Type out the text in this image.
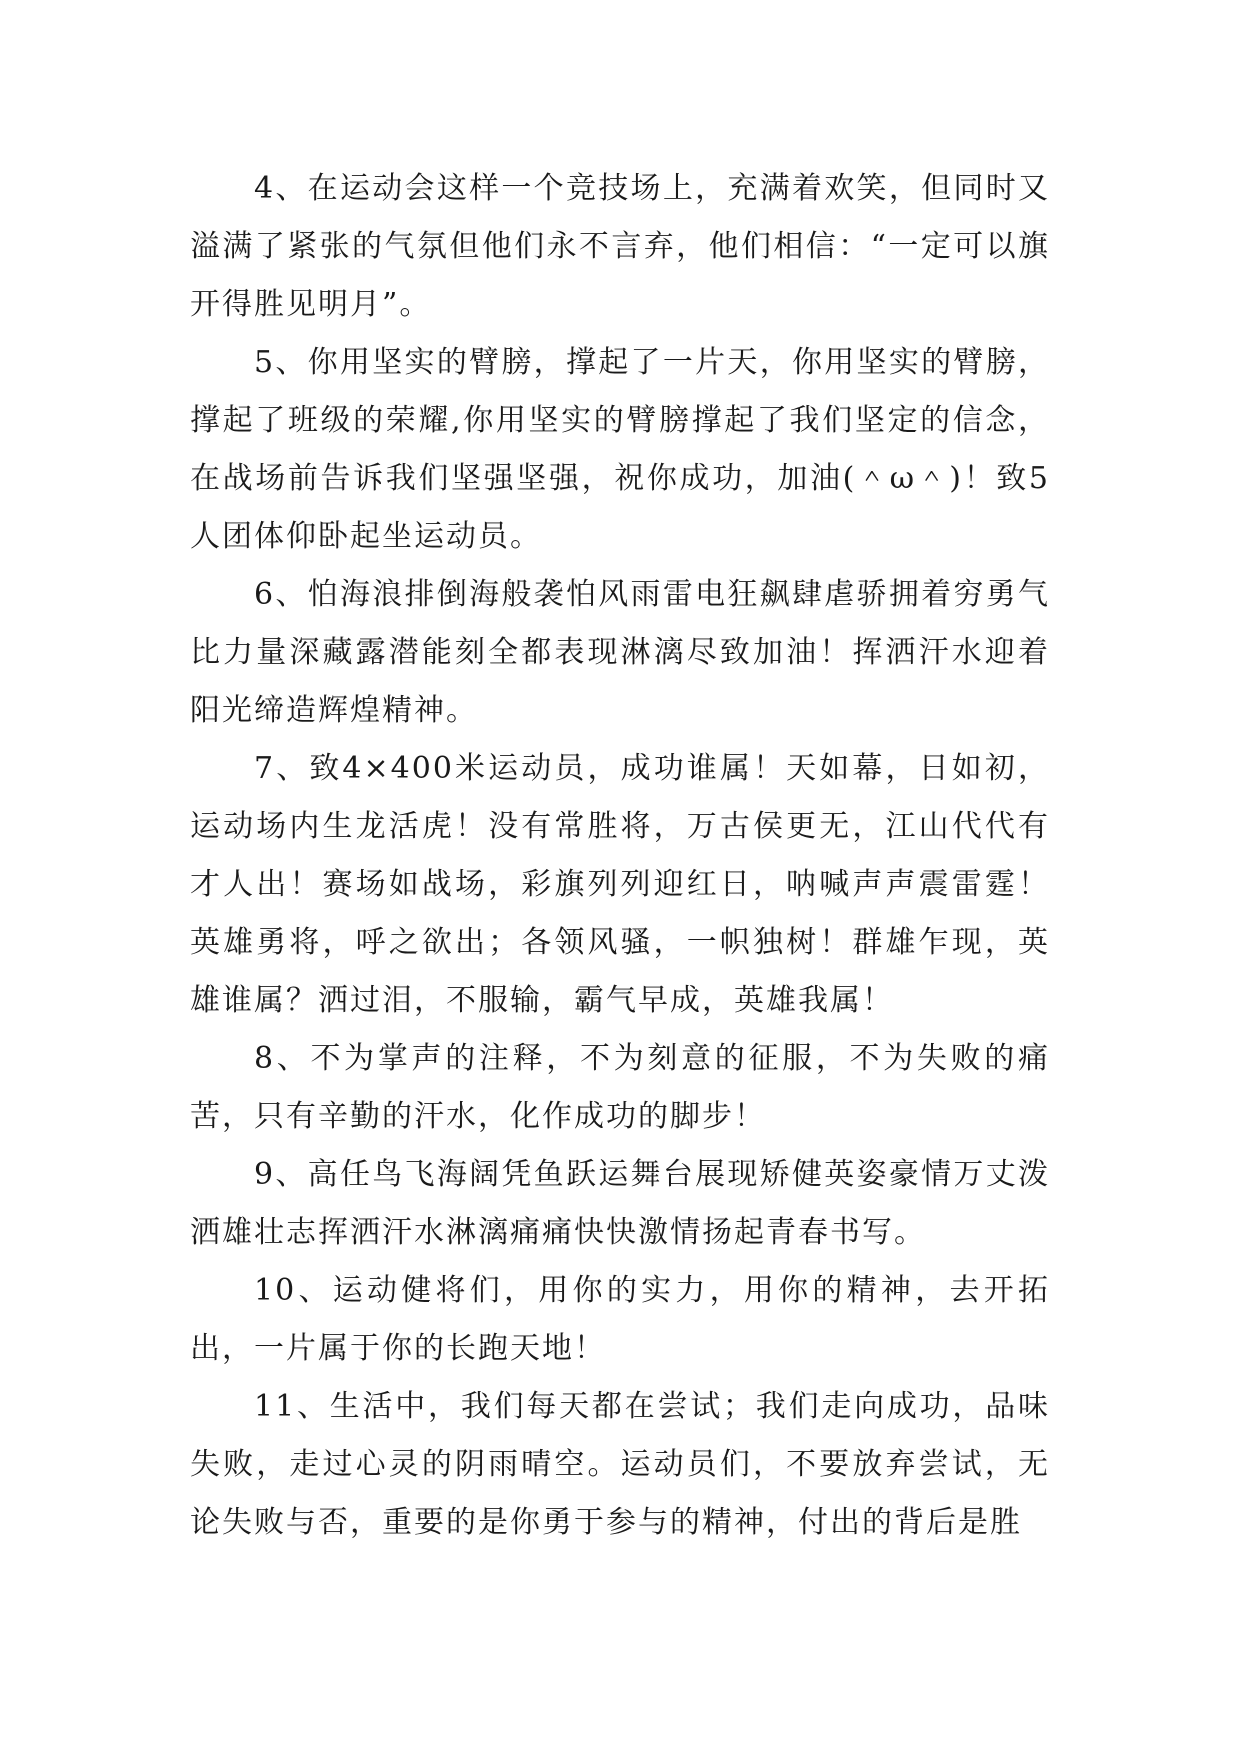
4、在运动会这样一个竞技场上，充满着欢笑，但同时又溢满了紧张的气氛但他们永不言弃，他们相信：“一定可以旗开得胜见明月”。

5、你用坚实的臂膀，撑起了一片天，你用坚实的臂膀，撑起了班级的荣耀,你用坚实的臂膀撑起了我们坚定的信念，在战场前告诉我们坚强坚强，祝你成功，加油(＾ω＾)！致5人团体仰卧起坐运动员。

6、怕海浪排倒海般袭怕风雨雷电狂飙肆虐骄拥着穷勇气比力量深藏露潜能刻全都表现淋漓尽致加油！挥洒汗水迎着阳光缔造辉煌精神。

7、致4×400米运动员，成功谁属！天如幕，日如初，运动场内生龙活虎！没有常胜将，万古侯更无，江山代代有才人出！赛场如战场，彩旗列列迎红日，呐喊声声震雷霆！英雄勇将，呼之欲出；各领风骚，一帜独树！群雄乍现，英雄谁属？洒过泪，不服输，霸气早成，英雄我属！

8、不为掌声的注释，不为刻意的征服，不为失败的痛苦，只有辛勤的汗水，化作成功的脚步！

9、高任鸟飞海阔凭鱼跃运舞台展现矫健英姿豪情万丈泼洒雄壮志挥洒汗水淋漓痛痛快快激情扬起青春书写。

10、运动健将们，用你的实力，用你的精神，去开拓出，一片属于你的长跑天地！

11、生活中，我们每天都在尝试；我们走向成功，品味失败，走过心灵的阴雨晴空。运动员们，不要放弃尝试，无论失败与否，重要的是你勇于参与的精神，付出的背后是胜
